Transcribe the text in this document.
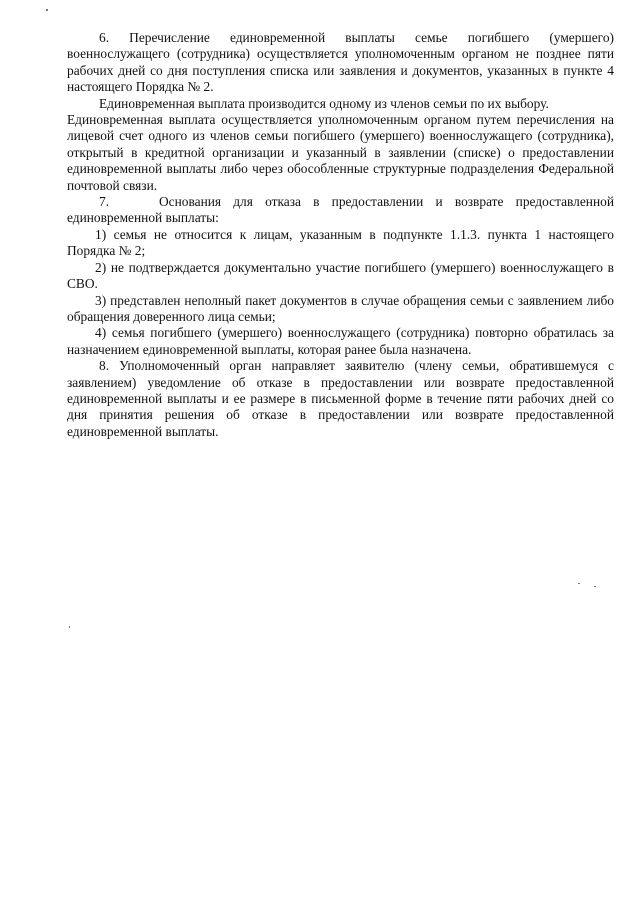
6. Перечисление единовременной выплаты семье погибшего (умершего) военнослужащего (сотрудника) осуществляется уполномоченным органом не позднее пяти рабочих дней со дня поступления списка или заявления и документов, указанных в пункте 4 настоящего Порядка № 2.

Единовременная выплата производится одному из членов семьи по их выбору.

Единовременная выплата осуществляется уполномоченным органом путем перечисления на лицевой счет одного из членов семьи погибшего (умершего) военнослужащего (сотрудника), открытый в кредитной организации и указанный в заявлении (списке) о предоставлении единовременной выплаты либо через обособленные структурные подразделения Федеральной почтовой связи.

7.	Основания для отказа в предоставлении и возврате предоставленной единовременной выплаты:

1) семья не относится к лицам, указанным в подпункте 1.1.3. пункта 1 настоящего Порядка № 2;

2) не подтверждается документально участие погибшего (умершего) военнослужащего в СВО.

3) представлен неполный пакет документов в случае обращения семьи с заявлением либо обращения доверенного лица семьи;

4) семья погибшего (умершего) военнослужащего (сотрудника) повторно обратилась за назначением единовременной выплаты, которая ранее была назначена.

8. Уполномоченный орган направляет заявителю (члену семьи, обратившемуся с заявлением) уведомление об отказе в предоставлении или возврате предоставленной единовременной выплаты и ее размере в письменной форме в течение пяти рабочих дней со дня принятия решения об отказе в предоставлении или возврате предоставленной единовременной выплаты.
